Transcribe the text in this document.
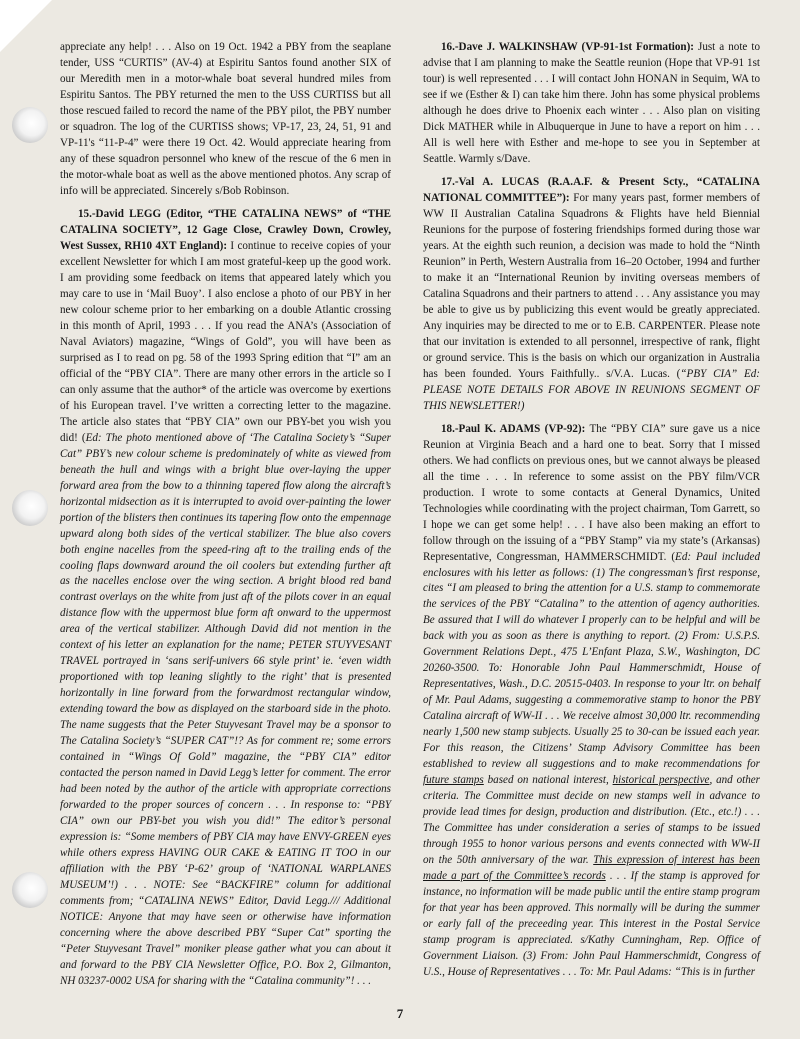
appreciate any help! . . . Also on 19 Oct. 1942 a PBY from the seaplane tender, USS “CURTIS” (AV-4) at Espiritu Santos found another SIX of our Meredith men in a motor-whale boat several hundred miles from Espiritu Santos. The PBY returned the men to the USS CURTISS but all those rescued failed to record the name of the PBY pilot, the PBY number or squadron. The log of the CURTISS shows; VP-17, 23, 24, 51, 91 and VP-11's “11-P-4” were there 19 Oct. 42. Would appreciate hearing from any of these squadron personnel who knew of the rescue of the 6 men in the motor-whale boat as well as the above mentioned photos. Any scrap of info will be appreciated. Sincerely s/Bob Robinson.

15.-David LEGG (Editor, “THE CATALINA NEWS” of “THE CATALINA SOCIETY”, 12 Gage Close, Crawley Down, Crowley, West Sussex, RH10 4XT England): I continue to receive copies of your excellent Newsletter for which I am most grateful-keep up the good work. I am providing some feedback on items that appeared lately which you may care to use in ‘Mail Buoy’. I also enclose a photo of our PBY in her new colour scheme prior to her embarking on a double Atlantic crossing in this month of April, 1993 . . . If you read the ANA’s (Association of Naval Aviators) magazine, “Wings of Gold”, you will have been as surprised as I to read on pg. 58 of the 1993 Spring edition that “I” am an official of the “PBY CIA”. There are many other errors in the article so I can only assume that the author* of the article was overcome by exertions of his European travel. I’ve written a correcting letter to the magazine. The article also states that “PBY CIA” own our PBY-bet you wish you did! (Ed: The photo mentioned above of ‘The Catalina Society’s “Super Cat” PBY’s new colour scheme is predominately of white as viewed from beneath the hull and wings with a bright blue over-laying the upper forward area from the bow to a thinning tapered flow along the aircraft’s horizontal midsection as it is interrupted to avoid over-painting the lower portion of the blisters then continues its tapering flow onto the empennage upward along both sides of the vertical stabilizer. The blue also covers both engine nacelles from the speed-ring aft to the trailing ends of the cooling flaps downward around the oil coolers but extending further aft as the nacelles enclose over the wing section. A bright blood red band contrast overlays on the white from just aft of the pilots cover in an equal distance flow with the uppermost blue form aft onward to the uppermost area of the vertical stabilizer. Although David did not mention in the context of his letter an explanation for the name; PETER STUYVESANT TRAVEL portrayed in ‘sans serif-univers 66 style print’ ie. ‘even width proportioned with top leaning slightly to the right’ that is presented horizontally in line forward from the forwardmost rectangular window, extending toward the bow as displayed on the starboard side in the photo. The name suggests that the Peter Stuyvesant Travel may be a sponsor to The Catalina Society’s “SUPER CAT”!? As for comment re; some errors contained in “Wings Of Gold” magazine, the “PBY CIA” editor contacted the person named in David Legg’s letter for comment. The error had been noted by the author of the article with appropriate corrections forwarded to the proper sources of concern . . . In response to: “PBY CIA” own our PBY-bet you wish you did!” The editor’s personal expression is: “Some members of PBY CIA may have ENVY-GREEN eyes while others express HAVING OUR CAKE & EATING IT TOO in our affiliation with the PBY ‘P-62’ group of ‘NATIONAL WARPLANES MUSEUM’!) . . . NOTE: See “BACKFIRE” column for additional comments from; “CATALINA NEWS” Editor, David Legg./// Additional NOTICE: Anyone that may have seen or otherwise have information concerning where the above described PBY “Super Cat” sporting the “Peter Stuyvesant Travel” moniker please gather what you can about it and forward to the PBY CIA Newsletter Office, P.O. Box 2, Gilmanton, NH 03237-0002 USA for sharing with the “Catalina community”! . . .

16.-Dave J. WALKINSHAW (VP-91-1st Formation): Just a note to advise that I am planning to make the Seattle reunion (Hope that VP-91 1st tour) is well represented . . . I will contact John HONAN in Sequim, WA to see if we (Esther & I) can take him there. John has some physical problems although he does drive to Phoenix each winter . . . Also plan on visiting Dick MATHER while in Albuquerque in June to have a report on him . . . All is well here with Esther and me-hope to see you in September at Seattle. Warmly s/Dave.

17.-Val A. LUCAS (R.A.A.F. & Present Scty., “CATALINA NATIONAL COMMITTEE”): For many years past, former members of WW II Australian Catalina Squadrons & Flights have held Biennial Reunions for the purpose of fostering friendships formed during those war years. At the eighth such reunion, a decision was made to hold the “Ninth Reunion” in Perth, Western Australia from 16–20 October, 1994 and further to make it an “International Reunion by inviting overseas members of Catalina Squadrons and their partners to attend . . . Any assistance you may be able to give us by publicizing this event would be greatly appreciated. Any inquiries may be directed to me or to E.B. CARPENTER. Please note that our invitation is extended to all personnel, irrespective of rank, flight or ground service. This is the basis on which our organization in Australia has been founded. Yours Faithfully.. s/V.A. Lucas. (“PBY CIA” Ed: PLEASE NOTE DETAILS FOR ABOVE IN REUNIONS SEGMENT OF THIS NEWSLETTER!)

18.-Paul K. ADAMS (VP-92): The “PBY CIA” sure gave us a nice Reunion at Virginia Beach and a hard one to beat. Sorry that I missed others. We had conflicts on previous ones, but we cannot always be pleased all the time . . . In reference to some assist on the PBY film/VCR production. I wrote to some contacts at General Dynamics, United Technologies while coordinating with the project chairman, Tom Garrett, so I hope we can get some help! . . . I have also been making an effort to follow through on the issuing of a “PBY Stamp” via my state’s (Arkansas) Representative, Congressman, HAMMERSCHMIDT. (Ed: Paul included enclosures with his letter as follows: (1) The congressman’s first response, cites “I am pleased to bring the attention for a U.S. stamp to commemorate the services of the PBY “Catalina” to the attention of agency authorities. Be assured that I will do whatever I properly can to be helpful and will be back with you as soon as there is anything to report. (2) From: U.S.P.S. Government Relations Dept., 475 L’Enfant Plaza, S.W., Washington, DC 20260-3500. To: Honorable John Paul Hammerschmidt, House of Representatives, Wash., D.C. 20515-0403. In response to your ltr. on behalf of Mr. Paul Adams, suggesting a commemorative stamp to honor the PBY Catalina aircraft of WW-II . . . We receive almost 30,000 ltr. recommending nearly 1,500 new stamp subjects. Usually 25 to 30-can be issued each year. For this reason, the Citizens’ Stamp Advisory Committee has been established to review all suggestions and to make recommendations for future stamps based on national interest, historical perspective, and other criteria. The Committee must decide on new stamps well in advance to provide lead times for design, production and distribution. (Etc., etc.!) . . . The Committee has under consideration a series of stamps to be issued through 1955 to honor various persons and events connected with WW-II on the 50th anniversary of the war. This expression of interest has been made a part of the Committee’s records . . . If the stamp is approved for instance, no information will be made public until the entire stamp program for that year has been approved. This normally will be during the summer or early fall of the preceeding year. This interest in the Postal Service stamp program is appreciated. s/Kathy Cunningham, Rep. Office of Government Liaison. (3) From: John Paul Hammerschmidt, Congress of U.S., House of Representatives . . . To: Mr. Paul Adams: “This is in further

7
